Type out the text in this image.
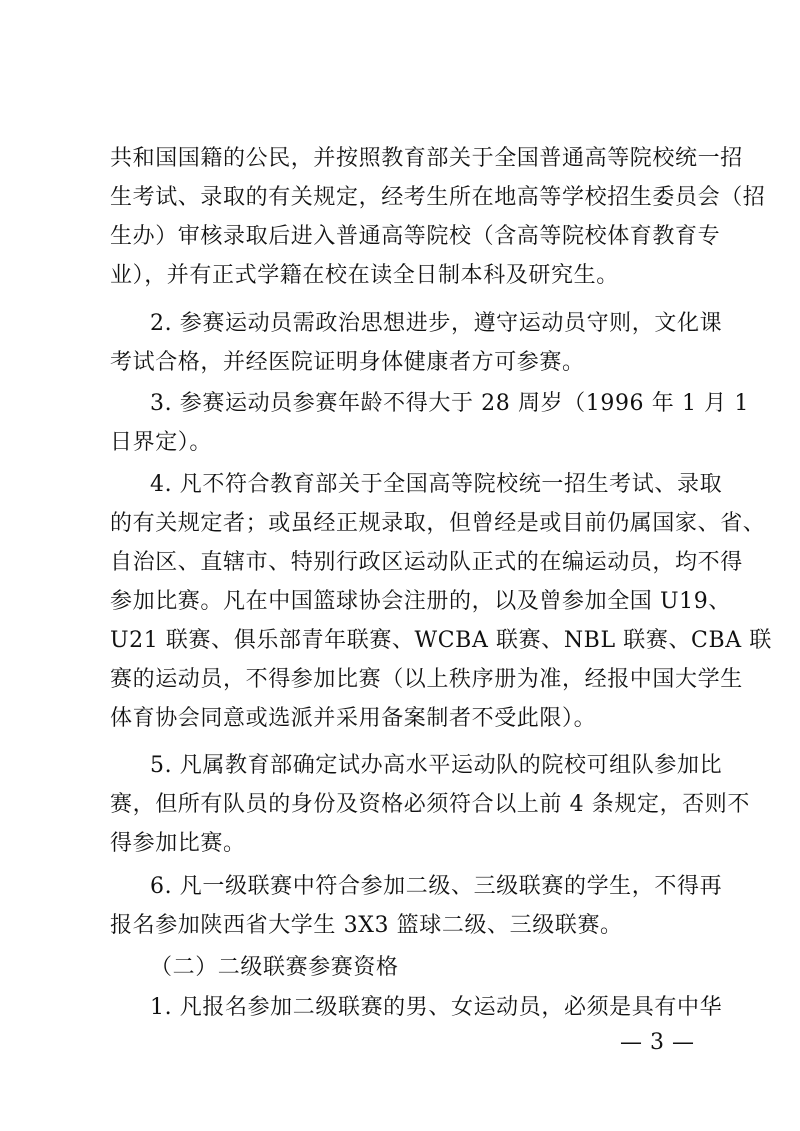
共和国国籍的公民，并按照教育部关于全国普通高等院校统一招
生考试、录取的有关规定，经考生所在地高等学校招生委员会（招
生办）审核录取后进入普通高等院校（含高等院校体育教育专
业），并有正式学籍在校在读全日制本科及研究生。
2. 参赛运动员需政治思想进步，遵守运动员守则，文化课
考试合格，并经医院证明身体健康者方可参赛。
3. 参赛运动员参赛年龄不得大于 28 周岁（1996 年 1 月 1
日界定）。
4. 凡不符合教育部关于全国高等院校统一招生考试、录取
的有关规定者；或虽经正规录取，但曾经是或目前仍属国家、省、
自治区、直辖市、特别行政区运动队正式的在编运动员，均不得
参加比赛。凡在中国篮球协会注册的，以及曾参加全国 U19、
U21 联赛、俱乐部青年联赛、WCBA 联赛、NBL 联赛、CBA 联
赛的运动员，不得参加比赛（以上秩序册为准，经报中国大学生
体育协会同意或选派并采用备案制者不受此限）。
5. 凡属教育部确定试办高水平运动队的院校可组队参加比
赛，但所有队员的身份及资格必须符合以上前 4 条规定，否则不
得参加比赛。
6. 凡一级联赛中符合参加二级、三级联赛的学生，不得再
报名参加陕西省大学生 3X3 篮球二级、三级联赛。
（二）二级联赛参赛资格
1. 凡报名参加二级联赛的男、女运动员，必须是具有中华
— 3 —
